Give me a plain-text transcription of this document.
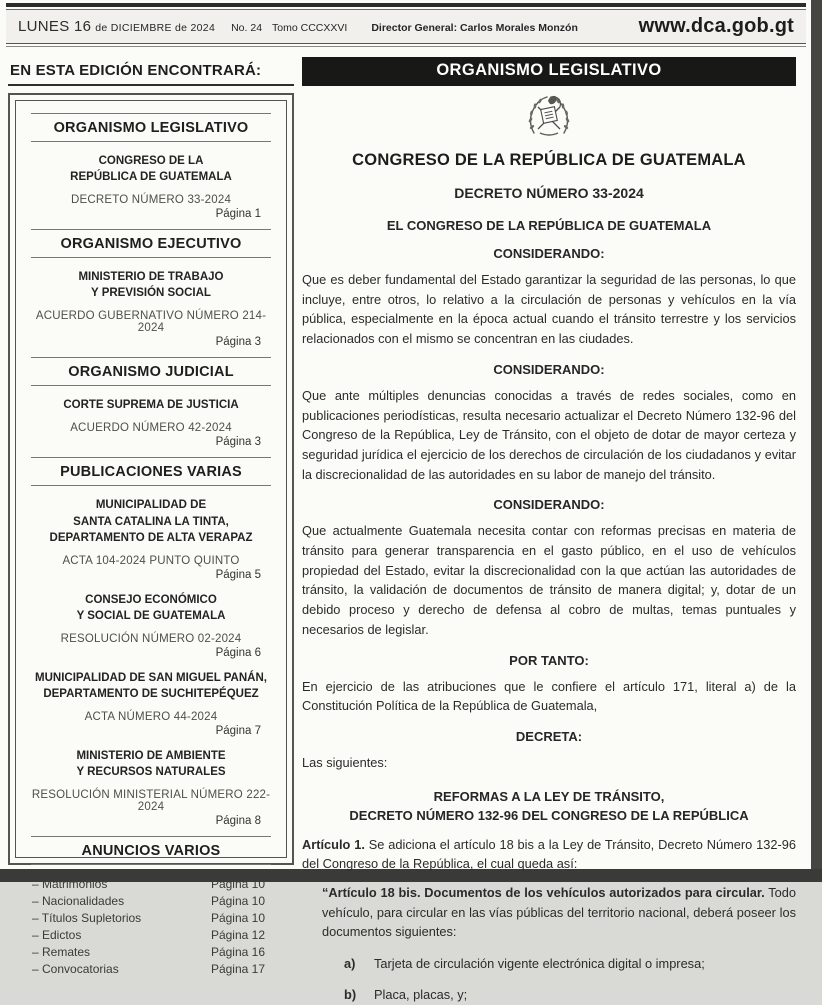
LUNES 16 de DICIEMBRE de 2024 No. 24 Tomo CCCXXVI Director General: Carlos Morales Monzón	www.dca.gob.gt
EN ESTA EDICIÓN ENCONTRARÁ:
ORGANISMO LEGISLATIVO
CONGRESO DE LA
REPÚBLICA DE GUATEMALA
DECRETO NÚMERO 33-2024
Página 1
ORGANISMO EJECUTIVO
MINISTERIO DE TRABAJO
Y PREVISIÓN SOCIAL
ACUERDO GUBERNATIVO NÚMERO 214-2024
Página 3
ORGANISMO JUDICIAL
CORTE SUPREMA DE JUSTICIA
ACUERDO NÚMERO 42-2024
Página 3
PUBLICACIONES VARIAS
MUNICIPALIDAD DE
SANTA CATALINA LA TINTA,
DEPARTAMENTO DE ALTA VERAPAZ
ACTA 104-2024 PUNTO QUINTO
Página 5
CONSEJO ECONÓMICO
Y SOCIAL DE GUATEMALA
RESOLUCIÓN NÚMERO 02-2024
Página 6
MUNICIPALIDAD DE SAN MIGUEL PANÁN,
DEPARTAMENTO DE SUCHITEPÉQUEZ
ACTA NÚMERO 44-2024
Página 7
MINISTERIO DE AMBIENTE
Y RECURSOS NATURALES
RESOLUCIÓN MINISTERIAL NÚMERO 222-2024
Página 8
ANUNCIOS VARIOS
– Matrimonios	Página 10
– Nacionalidades	Página 10
– Títulos Supletorios	Página 10
– Edictos	Página 12
– Remates	Página 16
– Convocatorias	Página 17
ORGANISMO LEGISLATIVO
CONGRESO DE LA REPÚBLICA DE GUATEMALA
DECRETO NÚMERO 33-2024
EL CONGRESO DE LA REPÚBLICA DE GUATEMALA
CONSIDERANDO:

Que es deber fundamental del Estado garantizar la seguridad de las personas, lo que incluye, entre otros, lo relativo a la circulación de personas y vehículos en la vía pública, especialmente en la época actual cuando el tránsito terrestre y los servicios relacionados con el mismo se concentran en las ciudades.

CONSIDERANDO:

Que ante múltiples denuncias conocidas a través de redes sociales, como en publicaciones periodísticas, resulta necesario actualizar el Decreto Número 132-96 del Congreso de la República, Ley de Tránsito, con el objeto de dotar de mayor certeza y seguridad jurídica el ejercicio de los derechos de circulación de los ciudadanos y evitar la discrecionalidad de las autoridades en su labor de manejo del tránsito.

CONSIDERANDO:

Que actualmente Guatemala necesita contar con reformas precisas en materia de tránsito para generar transparencia en el gasto público, en el uso de vehículos propiedad del Estado, evitar la discrecionalidad con la que actúan las autoridades de tránsito, la validación de documentos de tránsito de manera digital; y, dotar de un debido proceso y derecho de defensa al cobro de multas, temas puntuales y necesarios de legislar.

POR TANTO:

En ejercicio de las atribuciones que le confiere el artículo 171, literal a) de la Constitución Política de la República de Guatemala,

DECRETA:

Las siguientes:

REFORMAS A LA LEY DE TRÁNSITO,
DECRETO NÚMERO 132-96 DEL CONGRESO DE LA REPÚBLICA

Artículo 1. Se adiciona el artículo 18 bis a la Ley de Tránsito, Decreto Número 132-96 del Congreso de la República, el cual queda así:

“Artículo 18 bis. Documentos de los vehículos autorizados para circular. Todo vehículo, para circular en las vías públicas del territorio nacional, deberá poseer los documentos siguientes:

a)	Tarjeta de circulación vigente electrónica digital o impresa;
b)	Placa, placas, y;
